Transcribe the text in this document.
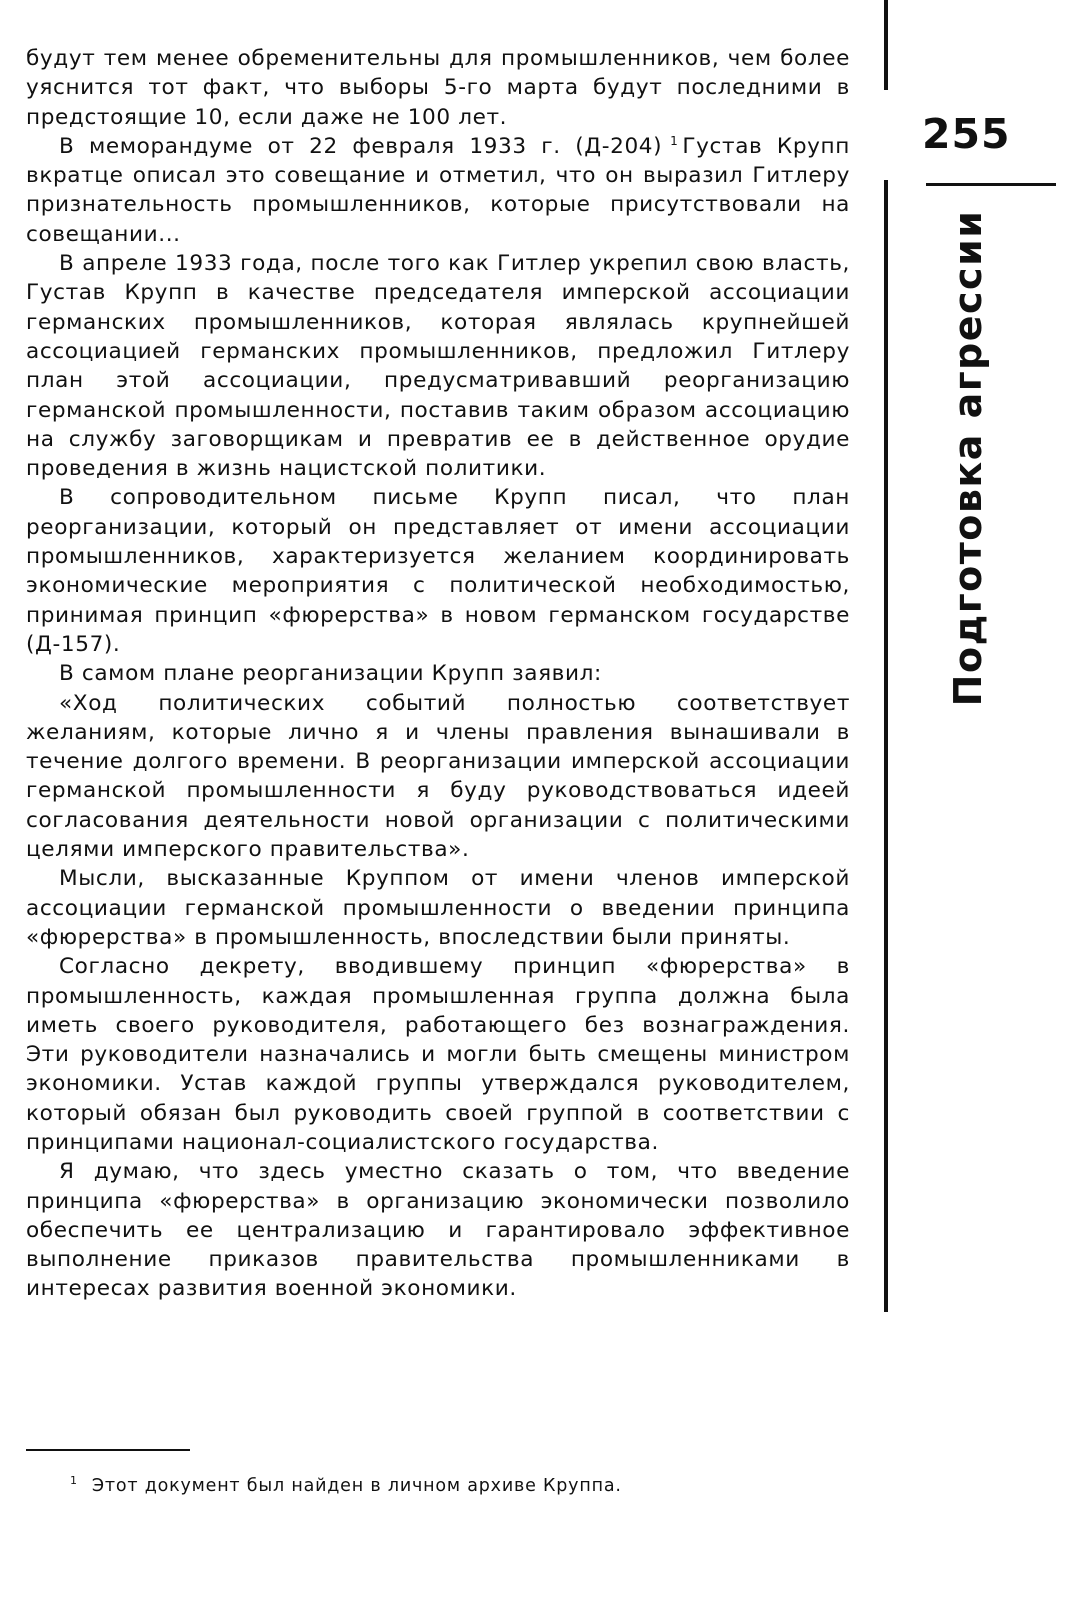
255
Подготовка агрессии

будут тем менее обременительны для промышленников, чем более уяснится тот факт, что выборы 5-го марта будут последними в предстоящие 10, если даже не 100 лет.

В меморандуме от 22 февраля 1933 г. (Д-204) $^1$ Густав Крупп вкратце описал это совещание и отметил, что он выразил Гитлеру признательность промышленников, которые присутствовали на совещании...

В апреле 1933 года, после того как Гитлер укрепил свою власть, Густав Крупп в качестве председателя имперской ассоциации германских промышленников, которая являлась крупнейшей ассоциацией германских промышленников, предложил Гитлеру план этой ассоциации, предусматривавший реорганизацию германской промышленности, поставив таким образом ассоциацию на службу заговорщикам и превратив ее в действенное орудие проведения в жизнь нацистской политики.

В сопроводительном письме Крупп писал, что план реорганизации, который он представляет от имени ассоциации промышленников, характеризуется желанием координировать экономические мероприятия с политической необходимостью, принимая принцип «фюрерства» в новом германском государстве (Д-157).

В самом плане реорганизации Крупп заявил:

«Ход политических событий полностью соответствует желаниям, которые лично я и члены правления вынашивали в течение долгого времени. В реорганизации имперской ассоциации германской промышленности я буду руководствоваться идеей согласования деятельности новой организации с политическими целями имперского правительства».

Мысли, высказанные Круппом от имени членов имперской ассоциации германской промышленности о введении принципа «фюрерства» в промышленность, впоследствии были приняты.

Согласно декрету, вводившему принцип «фюрерства» в промышленность, каждая промышленная группа должна была иметь своего руководителя, работающего без вознаграждения. Эти руководители назначались и могли быть смещены министром экономики. Устав каждой группы утверждался руководителем, который обязан был руководить своей группой в соответствии с принципами национал-социалистского государства.

Я думаю, что здесь уместно сказать о том, что введение принципа «фюрерства» в организацию экономически позволило обеспечить ее централизацию и гарантировало эффективное выполнение приказов правительства промышленниками в интересах развития военной экономики.

$^1$ Этот документ был найден в личном архиве Круппа.
